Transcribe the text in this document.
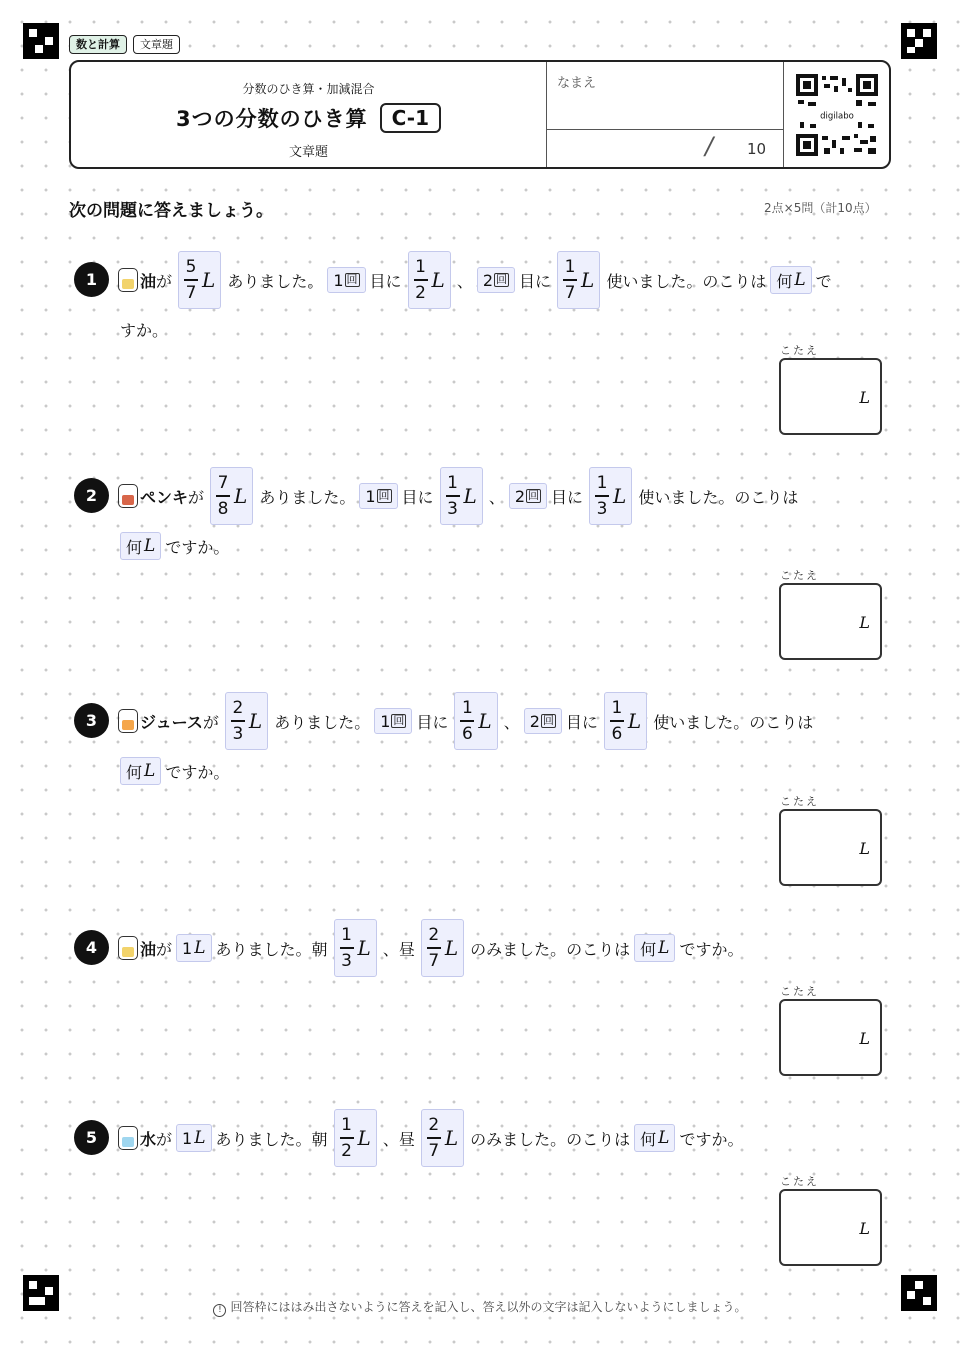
数と計算	文章題
分数のひき算・加減混合
3つの分数のひき算	C-1
文章題
なまえ
/ 10
digilabo
次の問題に答えましょう。	2点×5問（計10点）
1	油 が
5
7
L ありました。 1 回 目に
1
2
L 、 2 回 目に
1
7
L 使いました。のこりは 何 L で
すか。
こたえ
L
2	ペンキ が
7
8
L ありました。 1 回 目に
1
3
L 、 2 回 目に
1
3
L 使いました。のこりは
何 L ですか。
こたえ
L
3	ジュース が
2
3
L ありました。 1 回 目に
1
6
L 、 2 回 目に
1
6
L 使いました。のこりは
何 L ですか。
こたえ
L
4	油 が 1 L ありました。朝
1
3
L 、昼
2
7
L のみました。のこりは 何 L ですか。
こたえ
L
5	水 が 1 L ありました。朝
1
2
L 、昼
2
7
L のみました。のこりは 何 L ですか。
こたえ
L
! 回答枠にははみ出さないように答えを記入し、答え以外の文字は記入しないようにしましょう。
